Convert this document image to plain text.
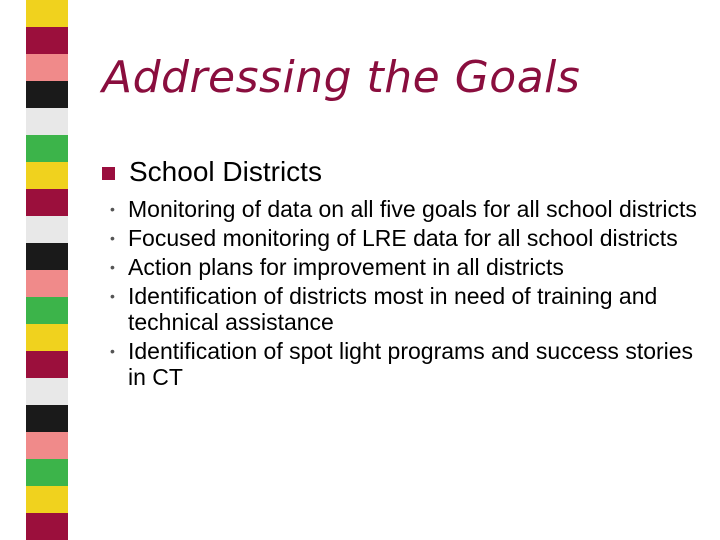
Addressing the Goals
School Districts
• Monitoring of data on all five goals for all school districts
• Focused monitoring of LRE data for all school districts
• Action plans for improvement in all districts
• Identification of districts most in need of training and technical assistance
• Identification of spot light programs and success stories in CT
